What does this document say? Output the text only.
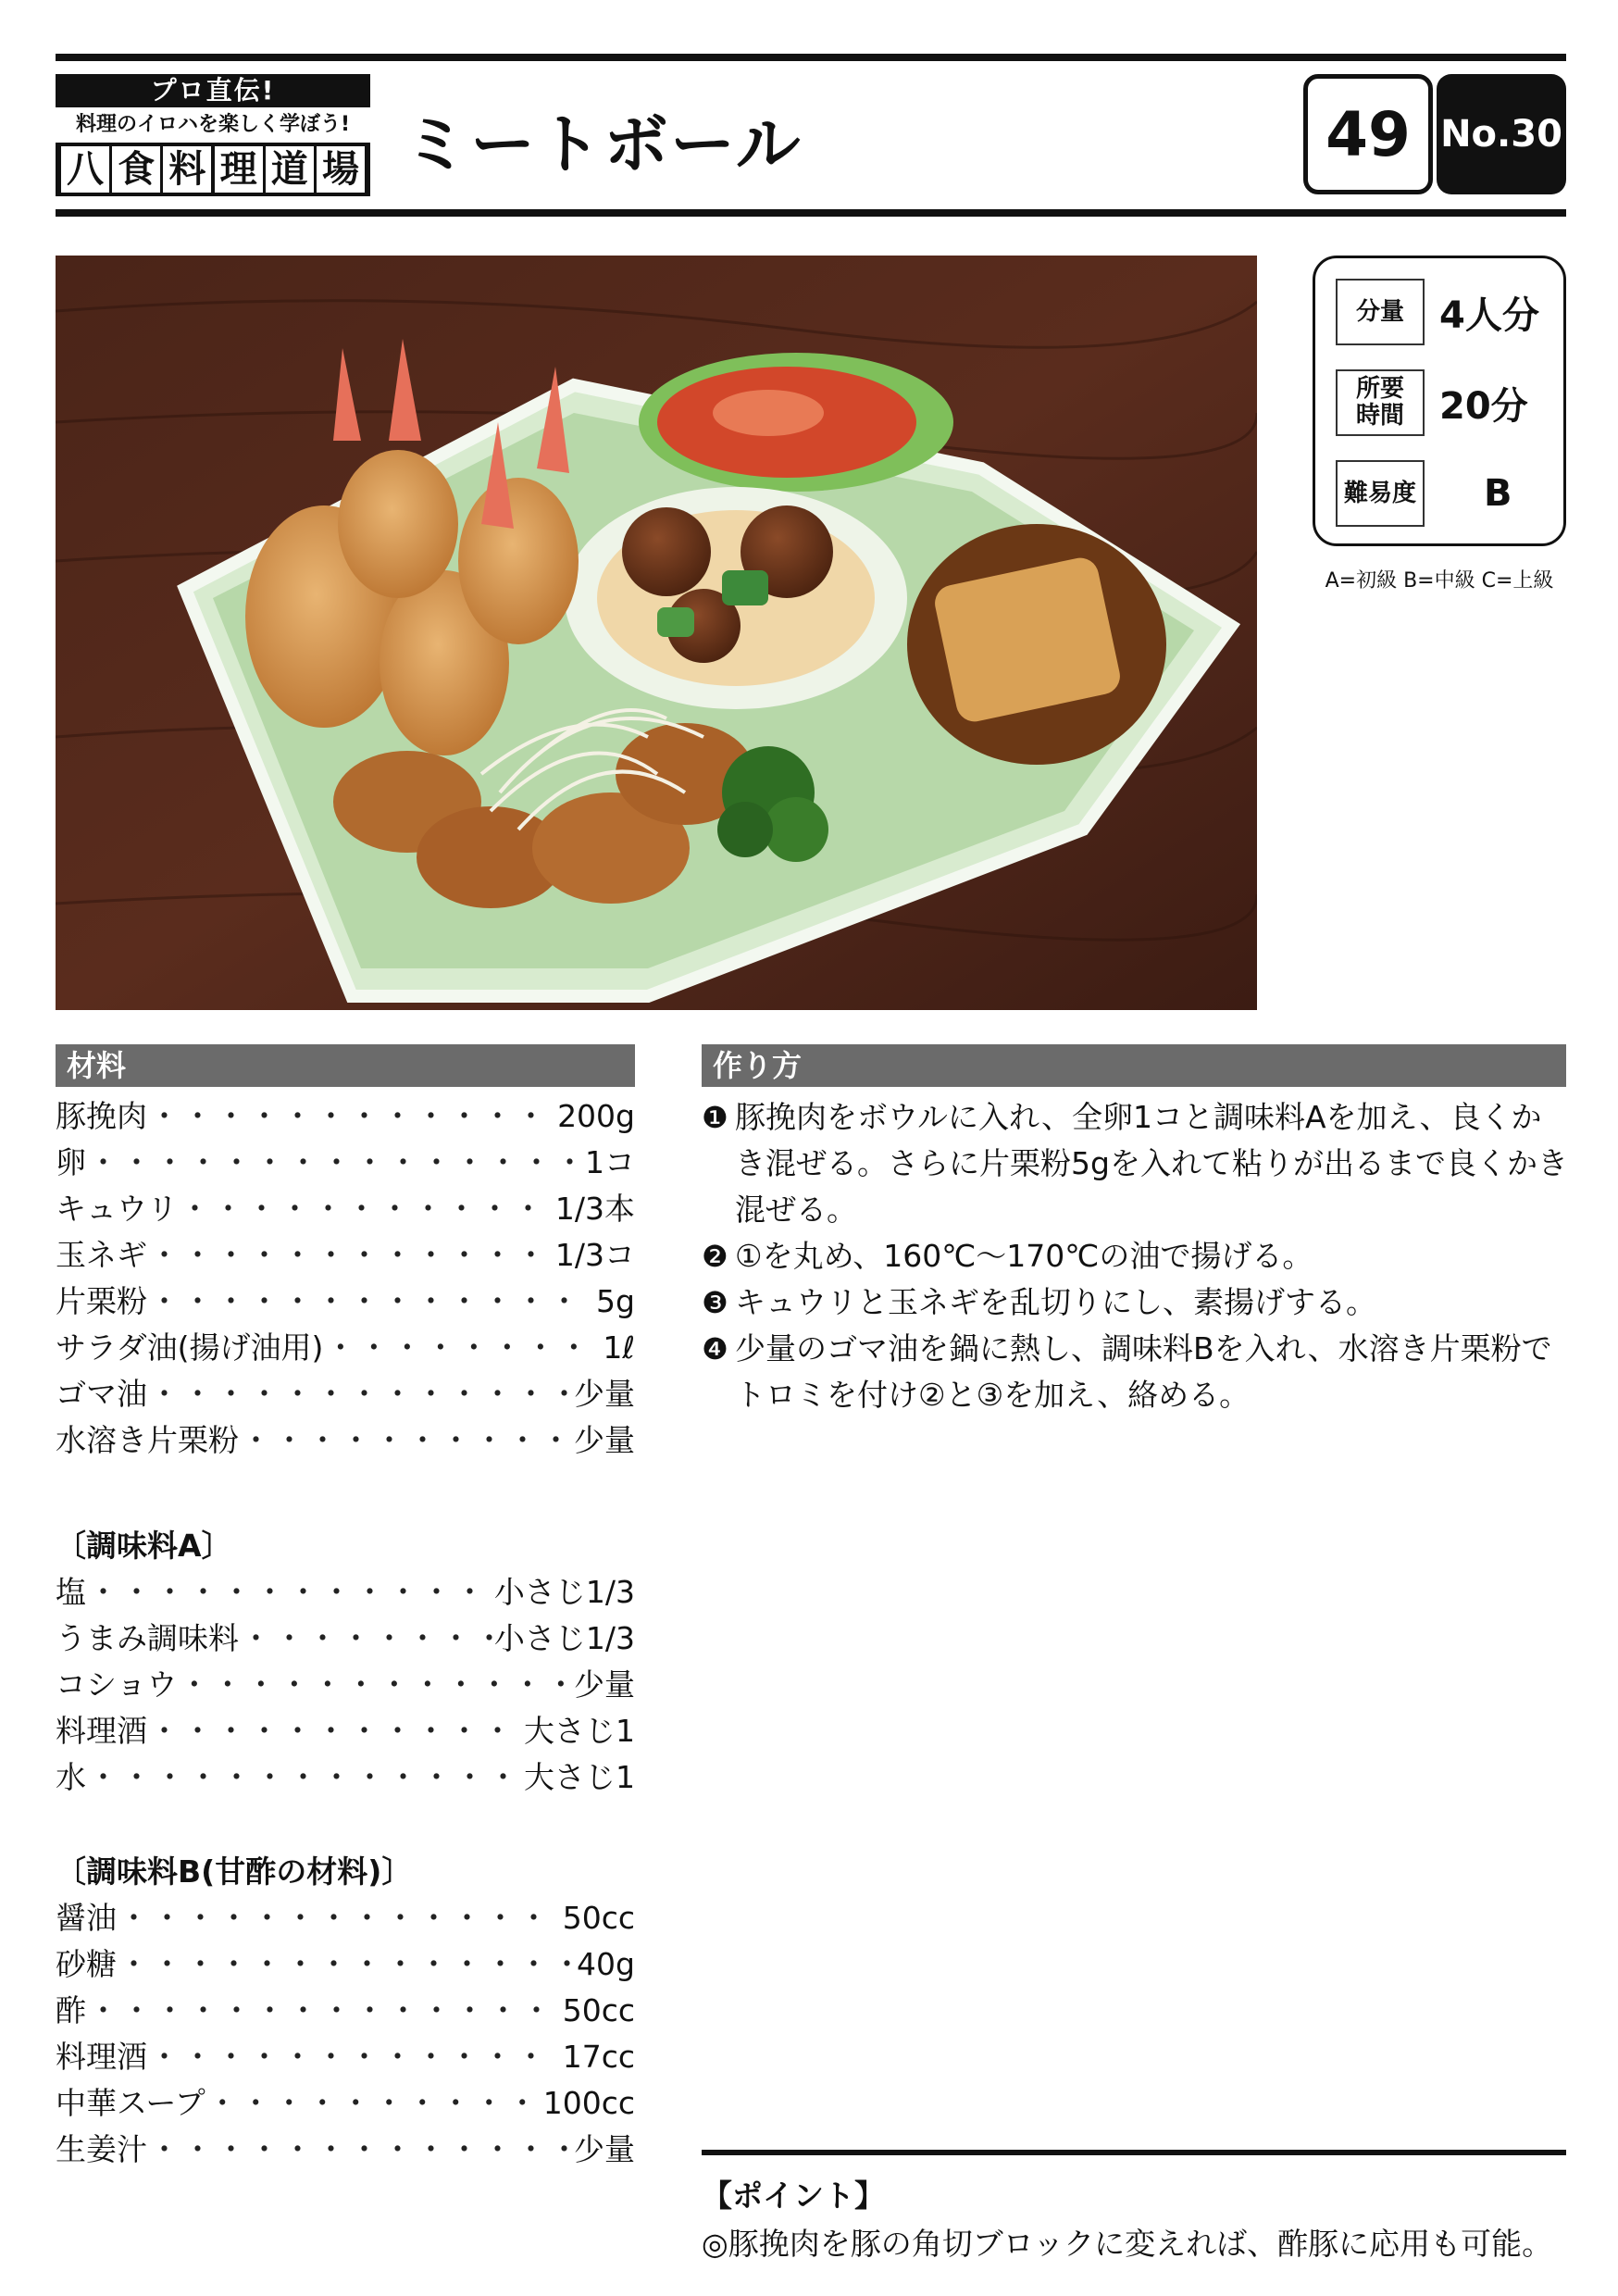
プロ直伝!
料理のイロハを楽しく学ぼう!
八 食 料 理 道 場 ミートボール	49 No.30
分量 4人分
所要時間 20分
難易度 B
A=初級 B=中級 C=上級
材料
豚挽肉 ・・・・・・・・・・・・・・・・・・・・・・・・・・・・・・・・・・・・・・・・・・	200g
卵 ・・・・・・・・・・・・・・・・・・・・・・・・・・・・・・・・・・・・・・・・・・	1コ
キュウリ ・・・・・・・・・・・・・・・・・・・・・・・・・・・・・・・・・・・・・・・・・・	1/3本
玉ネギ ・・・・・・・・・・・・・・・・・・・・・・・・・・・・・・・・・・・・・・・・・・	1/3コ
片栗粉 ・・・・・・・・・・・・・・・・・・・・・・・・・・・・・・・・・・・・・・・・・・	5g
サラダ油(揚げ油用) ・・・・・・・・・・・・・・・・・・・・・・・・・・・・・・・・・・・・・・・・・・	1ℓ
ゴマ油 ・・・・・・・・・・・・・・・・・・・・・・・・・・・・・・・・・・・・・・・・・・	少量
水溶き片栗粉 ・・・・・・・・・・・・・・・・・・・・・・・・・・・・・・・・・・・・・・・・・・	少量
〔調味料A〕
塩 ・・・・・・・・・・・・・・・・・・・・・・・・・・・・・・・・・・・・・・・・・・	小さじ1/3
うまみ調味料 ・・・・・・・・・・・・・・・・・・・・・・・・・・・・・・・・・・・・・・・・・・	小さじ1/3
コショウ ・・・・・・・・・・・・・・・・・・・・・・・・・・・・・・・・・・・・・・・・・・	少量
料理酒 ・・・・・・・・・・・・・・・・・・・・・・・・・・・・・・・・・・・・・・・・・・	大さじ1
水 ・・・・・・・・・・・・・・・・・・・・・・・・・・・・・・・・・・・・・・・・・・	大さじ1
〔調味料B(甘酢の材料)〕
醤油 ・・・・・・・・・・・・・・・・・・・・・・・・・・・・・・・・・・・・・・・・・・	50cc
砂糖 ・・・・・・・・・・・・・・・・・・・・・・・・・・・・・・・・・・・・・・・・・・	40g
酢 ・・・・・・・・・・・・・・・・・・・・・・・・・・・・・・・・・・・・・・・・・・	50cc
料理酒 ・・・・・・・・・・・・・・・・・・・・・・・・・・・・・・・・・・・・・・・・・・	17cc
中華スープ ・・・・・・・・・・・・・・・・・・・・・・・・・・・・・・・・・・・・・・・・・・	100cc
生姜汁 ・・・・・・・・・・・・・・・・・・・・・・・・・・・・・・・・・・・・・・・・・・	少量
作り方
❶ 豚挽肉をボウルに入れ、全卵1コと調味料Aを加え、良くかき混ぜる。さらに片栗粉5gを入れて粘りが出るまで良くかき混ぜる。
❷ ①を丸め、160℃〜170℃の油で揚げる。
❸ キュウリと玉ネギを乱切りにし、素揚げする。
❹ 少量のゴマ油を鍋に熱し、調味料Bを入れ、水溶き片栗粉でトロミを付け②と③を加え、絡める。
【ポイント】
◎豚挽肉を豚の角切ブロックに変えれば、酢豚に応用も可能。
